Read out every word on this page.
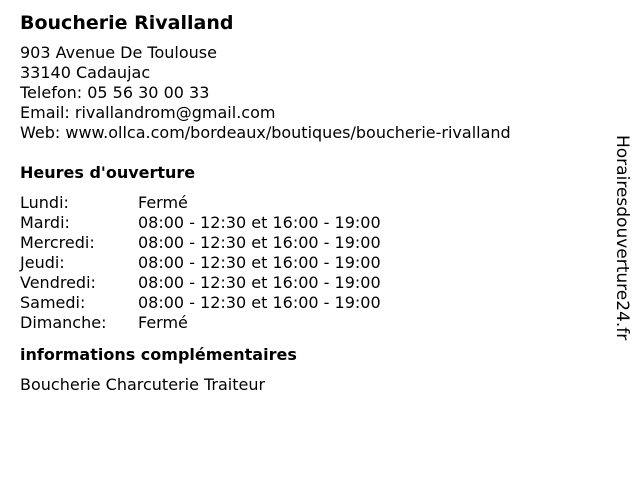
Boucherie Rivalland
903 Avenue De Toulouse
33140 Cadaujac
Telefon: 05 56 30 00 33
Email: rivallandrom@gmail.com
Web: www.ollca.com/bordeaux/boutiques/boucherie-rivalland
Heures d'ouverture
Lundi:	Fermé
Mardi:	08:00 - 12:30 et 16:00 - 19:00
Mercredi:	08:00 - 12:30 et 16:00 - 19:00
Jeudi:	08:00 - 12:30 et 16:00 - 19:00
Vendredi:	08:00 - 12:30 et 16:00 - 19:00
Samedi:	08:00 - 12:30 et 16:00 - 19:00
Dimanche:	Fermé
informations complémentaires
Boucherie Charcuterie Traiteur
Horairesdouverture24.fr
